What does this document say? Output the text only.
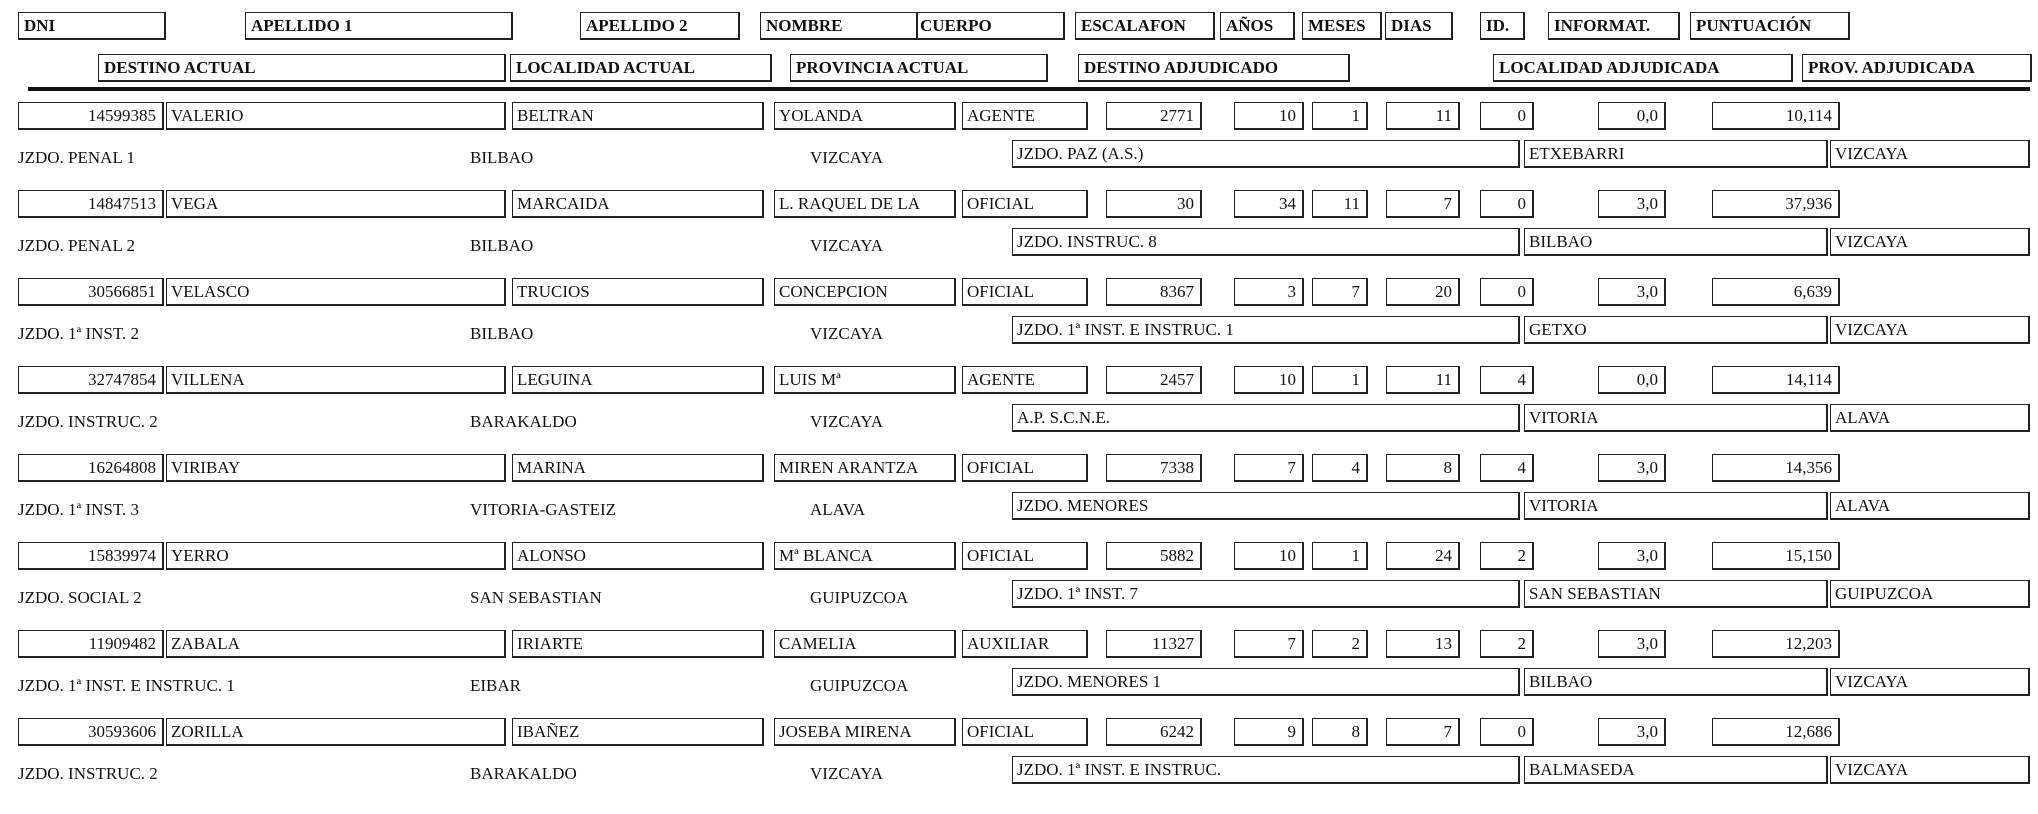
DNI	APELLIDO 1	APELLIDO 2	NOMBRE	CUERPO	ESCALAFON	AÑOS	MESES	DIAS	ID.	INFORMAT.	PUNTUACIÓN
DESTINO ACTUAL	LOCALIDAD ACTUAL	PROVINCIA ACTUAL	DESTINO ADJUDICADO	LOCALIDAD ADJUDICADA	PROV. ADJUDICADA
14599385 VALERIO	BELTRAN	YOLANDA	AGENTE	2771	10	1	11	0	0,0	10,114
JZDO. PENAL 1	BILBAO	VIZCAYA	JZDO. PAZ (A.S.)	ETXEBARRI	VIZCAYA
14847513 VEGA	MARCAIDA	L. RAQUEL DE LA	OFICIAL	30	34	11	7	0	3,0	37,936
JZDO. PENAL 2	BILBAO	VIZCAYA	JZDO. INSTRUC. 8	BILBAO	VIZCAYA
30566851 VELASCO	TRUCIOS	CONCEPCION	OFICIAL	8367	3	7	20	0	3,0	6,639
JZDO. 1ª INST. 2	BILBAO	VIZCAYA	JZDO. 1ª INST. E INSTRUC. 1	GETXO	VIZCAYA
32747854 VILLENA	LEGUINA	LUIS Mª	AGENTE	2457	10	1	11	4	0,0	14,114
JZDO. INSTRUC. 2	BARAKALDO	VIZCAYA	A.P. S.C.N.E.	VITORIA	ALAVA
16264808 VIRIBAY	MARINA	MIREN ARANTZA	OFICIAL	7338	7	4	8	4	3,0	14,356
JZDO. 1ª INST. 3	VITORIA-GASTEIZ	ALAVA	JZDO. MENORES	VITORIA	ALAVA
15839974 YERRO	ALONSO	Mª BLANCA	OFICIAL	5882	10	1	24	2	3,0	15,150
JZDO. SOCIAL 2	SAN SEBASTIAN	GUIPUZCOA	JZDO. 1ª INST. 7	SAN SEBASTIAN	GUIPUZCOA
11909482 ZABALA	IRIARTE	CAMELIA	AUXILIAR	11327	7	2	13	2	3,0	12,203
JZDO. 1ª INST. E INSTRUC. 1	EIBAR	GUIPUZCOA	JZDO. MENORES 1	BILBAO	VIZCAYA
30593606 ZORILLA	IBAÑEZ	JOSEBA MIRENA	OFICIAL	6242	9	8	7	0	3,0	12,686
JZDO. INSTRUC. 2	BARAKALDO	VIZCAYA	JZDO. 1ª INST. E INSTRUC.	BALMASEDA	VIZCAYA
